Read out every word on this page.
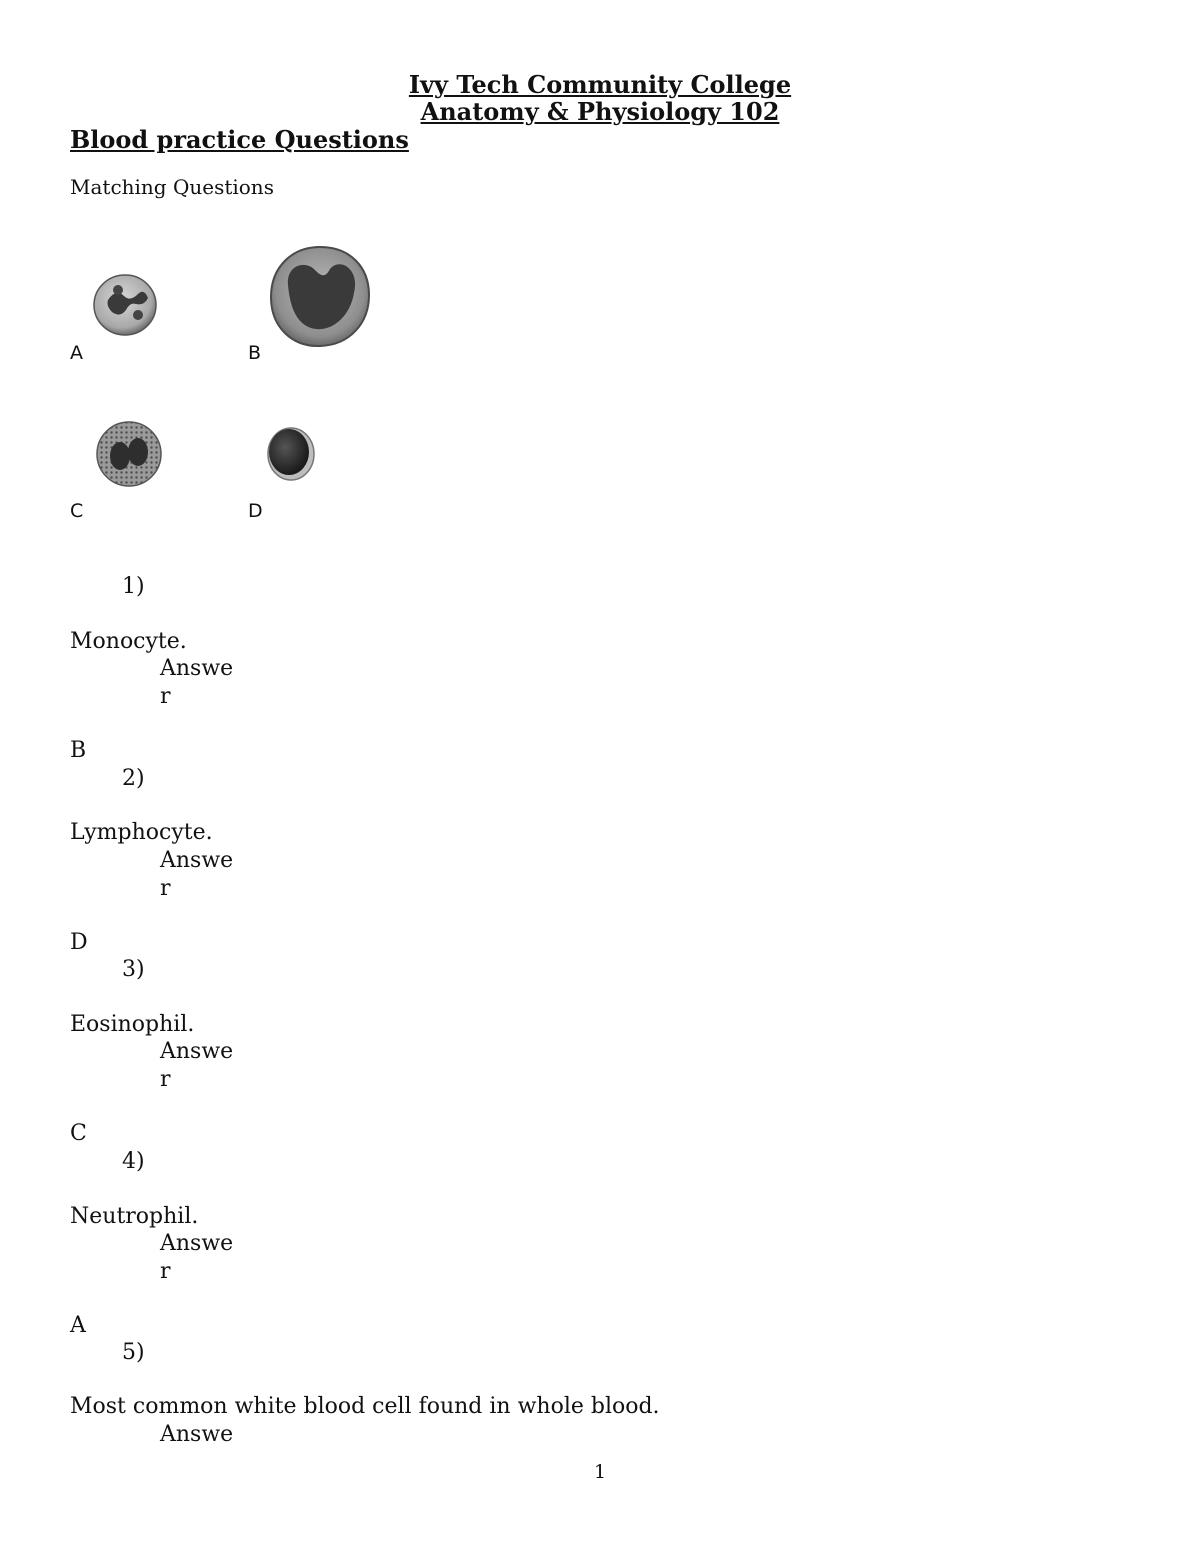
Ivy Tech Community College
Anatomy & Physiology 102
Blood practice Questions
Matching Questions
A	B
C	D
1)
Monocyte.
Answe
r
B
2)
Lymphocyte.
Answe
r
D
3)
Eosinophil.
Answe
r
C
4)
Neutrophil.
Answe
r
A
5)
Most common white blood cell found in whole blood.
Answe
1
